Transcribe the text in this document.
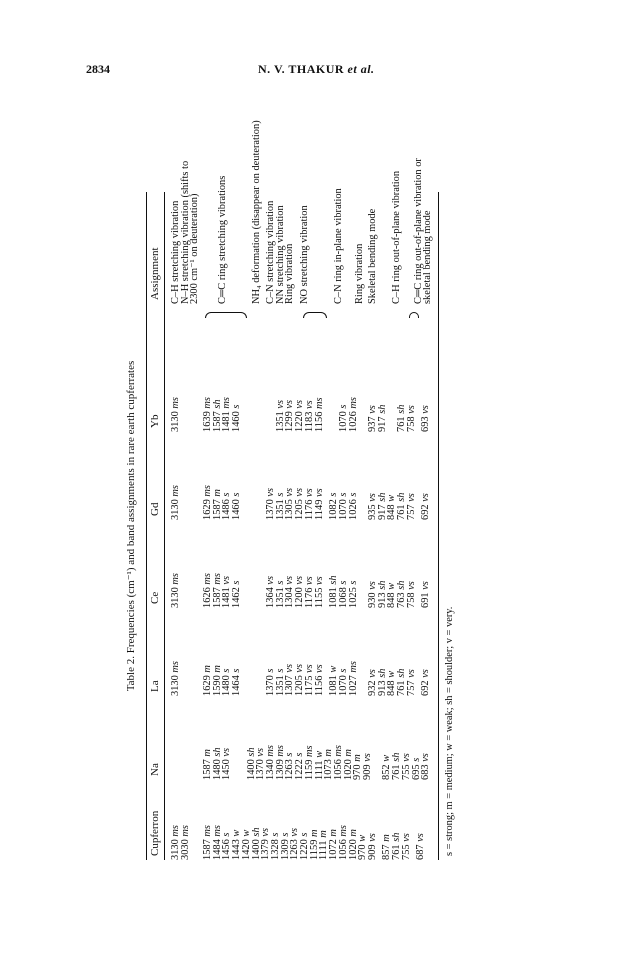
2834	N. V. THAKUR et al.
Table 2. Frequencies (cm⁻¹) and band assignments in rare earth cupferrates
Cupferron
Na
La
Ce
Gd
Yb
Assignment
3130 ms
3030 ms
1587 ms
1484 ms
1456 s
1443 w
1420 w
1400 sh
1379 vs
1328 s
1309 s
1263 vs
1220 s
1159 m
1111 m
1072 m
1056 ms
1020 m
970 w
909 vs
857 m
761 sh
755 vs
687 vs
1587 m
1480 sh
1450 vs
1400 sh
1370 vs
1340 ms
1309 ms
1263 s
1222 s
1159 ms
1111 w
1073 m
1056 ms
1020 m
970 m
909 vs
852 w
761 sh
755 vs
695 s
683 vs
3130 ms
1629 m
1590 m
1480 s
1464 s
1370 s
1351 s
1307 vs
1205 vs
1175 vs
1156 vs
1081 w
1070 s
1027 ms
932 vs
913 sh
848 w
761 sh
757 vs
692 vs
3130 ms
1626 ms
1587 ms
1481 vs
1462 s
1364 vs
1351 s
1304 vs
1200 vs
1176 vs
1155 vs
1081 sh
1068 s
1025 s
930 vs
913 sh
848 w
763 sh
758 vs
691 vs
3130 ms
1629 ms
1587 m
1486 s
1460 s
1370 vs
1351 s
1305 vs
1205 vs
1176 vs
1149 vs
1082 s
1070 s
1026 s
935 vs
917 sh
848 w
761 sh
757 vs
692 vs
3130 ms
1639 ms
1587 sh
1481 ms
1460 s
1351 vs
1299 vs
1220 vs
1183 vs
1156 ms
1070 s
1026 ms
937 vs
917 sh
761 sh
758 vs
693 vs
C–H stretching vibration
N–H stretching vibration (shifts to
2300 cm⁻¹ on deuteration) C═C ring stretching vibrations NH₄ deformation (disappear on deuteration) C–N stretching vibration
NN stretching vibration
Ring vibration NO stretching vibration C–N ring in-plane vibration Ring vibration Skeletal bending mode C–H ring out-of-plane vibration C═C ring out-of-plane vibration or
skeletal bending mode
s = strong; m = medium; w = weak; sh = shoulder; v = very.
